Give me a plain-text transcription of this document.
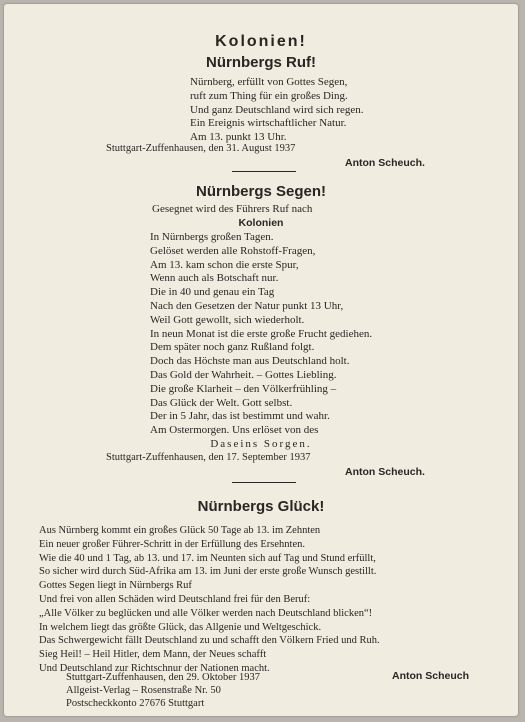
Kolonien!
Nürnbergs Ruf!
Nürnberg, erfüllt von Gottes Segen,
ruft zum Thing für ein großes Ding.
Und ganz Deutschland wird sich regen.
Ein Ereignis wirtschaftlicher Natur.
Am 13. punkt 13 Uhr.
Stuttgart-Zuffenhausen, den 31. August 1937
Anton Scheuch.
Nürnbergs Segen!
Gesegnet wird des Führers Ruf nach
Kolonien
In Nürnbergs großen Tagen.
Gelöset werden alle Rohstoff-Fragen,
Am 13. kam schon die erste Spur,
Wenn auch als Botschaft nur.
Die in 40 und genau ein Tag
Nach den Gesetzen der Natur punkt 13 Uhr,
Weil Gott gewollt, sich wiederholt.
In neun Monat ist die erste große Frucht gediehen.
Dem später noch ganz Rußland folgt.
Doch das Höchste man aus Deutschland holt.
Das Gold der Wahrheit. – Gottes Liebling.
Die große Klarheit – den Völkerfrühling –
Das Glück der Welt. Gott selbst.
Der in 5 Jahr, das ist bestimmt und wahr.
Am Ostermorgen. Uns erlöset von des
Daseins Sorgen.
Stuttgart-Zuffenhausen, den 17. September 1937
Anton Scheuch.
Nürnbergs Glück!
Aus Nürnberg kommt ein großes Glück 50 Tage ab 13. im Zehnten
Ein neuer großer Führer-Schritt in der Erfüllung des Ersehnten.
Wie die 40 und 1 Tag, ab 13. und 17. im Neunten sich auf Tag und Stund erfüllt,
So sicher wird durch Süd-Afrika am 13. im Juni der erste große Wunsch gestillt.
Gottes Segen liegt in Nürnbergs Ruf
Und frei von allen Schäden wird Deutschland frei für den Beruf:
„Alle Völker zu beglücken und alle Völker werden nach Deutschland blicken“!
In welchem liegt das größte Glück, das Allgenie und Weltgeschick.
Das Schwergewicht fällt Deutschland zu und schafft den Völkern Fried und Ruh.
Sieg Heil! – Heil Hitler, dem Mann, der Neues schafft
Und Deutschland zur Richtschnur der Nationen macht.
Stuttgart-Zuffenhausen, den 29. Oktober 1937	Anton Scheuch
Allgeist-Verlag – Rosenstraße Nr. 50
Postscheckkonto 27676 Stuttgart
